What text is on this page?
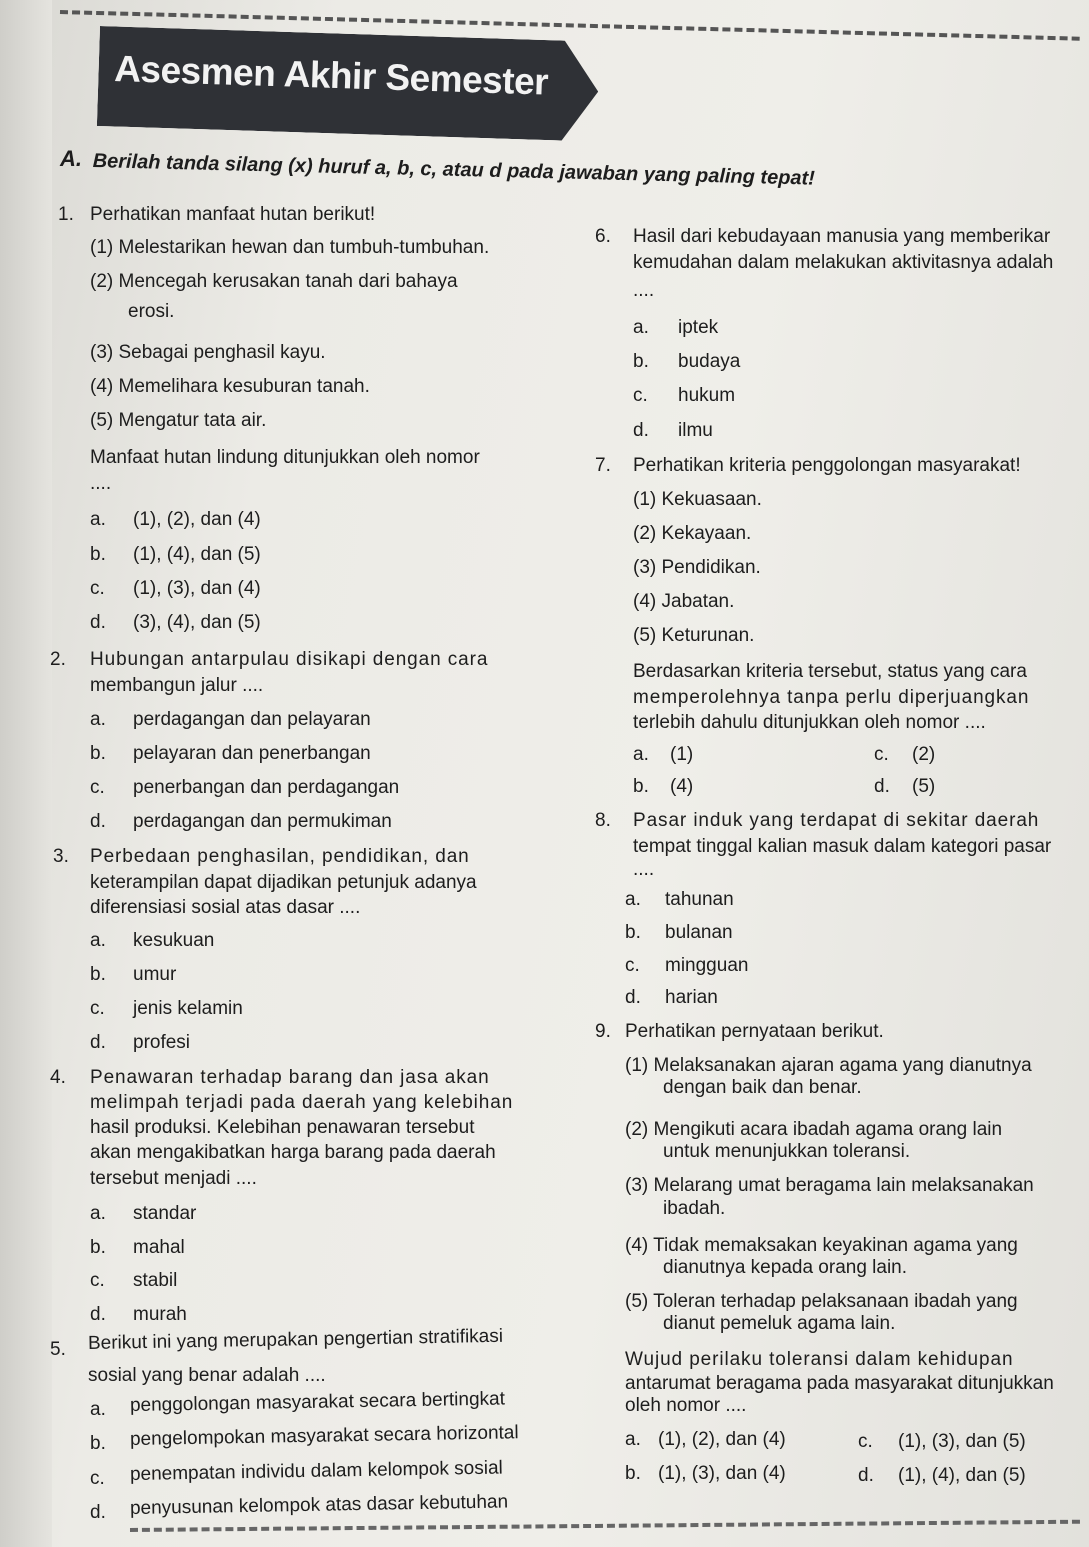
Asesmen Akhir Semester
A. Berilah tanda silang (x) huruf a, b, c, atau d pada jawaban yang paling tepat!
1. Perhatikan manfaat hutan berikut!
(1) Melestarikan hewan dan tumbuh-tumbuhan.
(2) Mencegah kerusakan tanah dari bahaya
erosi.
(3) Sebagai penghasil kayu.
(4) Memelihara kesuburan tanah.
(5) Mengatur tata air.
Manfaat hutan lindung ditunjukkan oleh nomor
....
a. (1), (2), dan (4)
b. (1), (4), dan (5)
c. (1), (3), dan (4)
d. (3), (4), dan (5)
2. Hubungan antarpulau disikapi dengan cara
membangun jalur ....
a. perdagangan dan pelayaran
b. pelayaran dan penerbangan
c. penerbangan dan perdagangan
d. perdagangan dan permukiman
3. Perbedaan penghasilan, pendidikan, dan
keterampilan dapat dijadikan petunjuk adanya
diferensiasi sosial atas dasar ....
a. kesukuan
b. umur
c. jenis kelamin
d. profesi
4. Penawaran terhadap barang dan jasa akan
melimpah terjadi pada daerah yang kelebihan
hasil produksi. Kelebihan penawaran tersebut
akan mengakibatkan harga barang pada daerah
tersebut menjadi ....
a. standar
b. mahal
c. stabil
d. murah
5. Berikut ini yang merupakan pengertian stratifikasi
sosial yang benar adalah ....
a. penggolongan masyarakat secara bertingkat
b. pengelompokan masyarakat secara horizontal
c. penempatan individu dalam kelompok sosial
d. penyusunan kelompok atas dasar kebutuhan
6. Hasil dari kebudayaan manusia yang memberikar
kemudahan dalam melakukan aktivitasnya adalah
....
a. iptek
b. budaya
c. hukum
d. ilmu
7. Perhatikan kriteria penggolongan masyarakat!
(1) Kekuasaan.
(2) Kekayaan.
(3) Pendidikan.
(4) Jabatan.
(5) Keturunan.
Berdasarkan kriteria tersebut, status yang cara
memperolehnya tanpa perlu diperjuangkan
terlebih dahulu ditunjukkan oleh nomor ....
a. (1)
b. (4)
c. (2)
d. (5)
8. Pasar induk yang terdapat di sekitar daerah
tempat tinggal kalian masuk dalam kategori pasar
....
a. tahunan
b. bulanan
c. mingguan
d. harian
9. Perhatikan pernyataan berikut.
(1) Melaksanakan ajaran agama yang dianutnya
dengan baik dan benar.
(2) Mengikuti acara ibadah agama orang lain
untuk menunjukkan toleransi.
(3) Melarang umat beragama lain melaksanakan
ibadah.
(4) Tidak memaksakan keyakinan agama yang
dianutnya kepada orang lain.
(5) Toleran terhadap pelaksanaan ibadah yang
dianut pemeluk agama lain.
Wujud perilaku toleransi dalam kehidupan
antarumat beragama pada masyarakat ditunjukkan
oleh nomor ....
a. (1), (2), dan (4)
b. (1), (3), dan (4)
c. (1), (3), dan (5)
d. (1), (4), dan (5)
